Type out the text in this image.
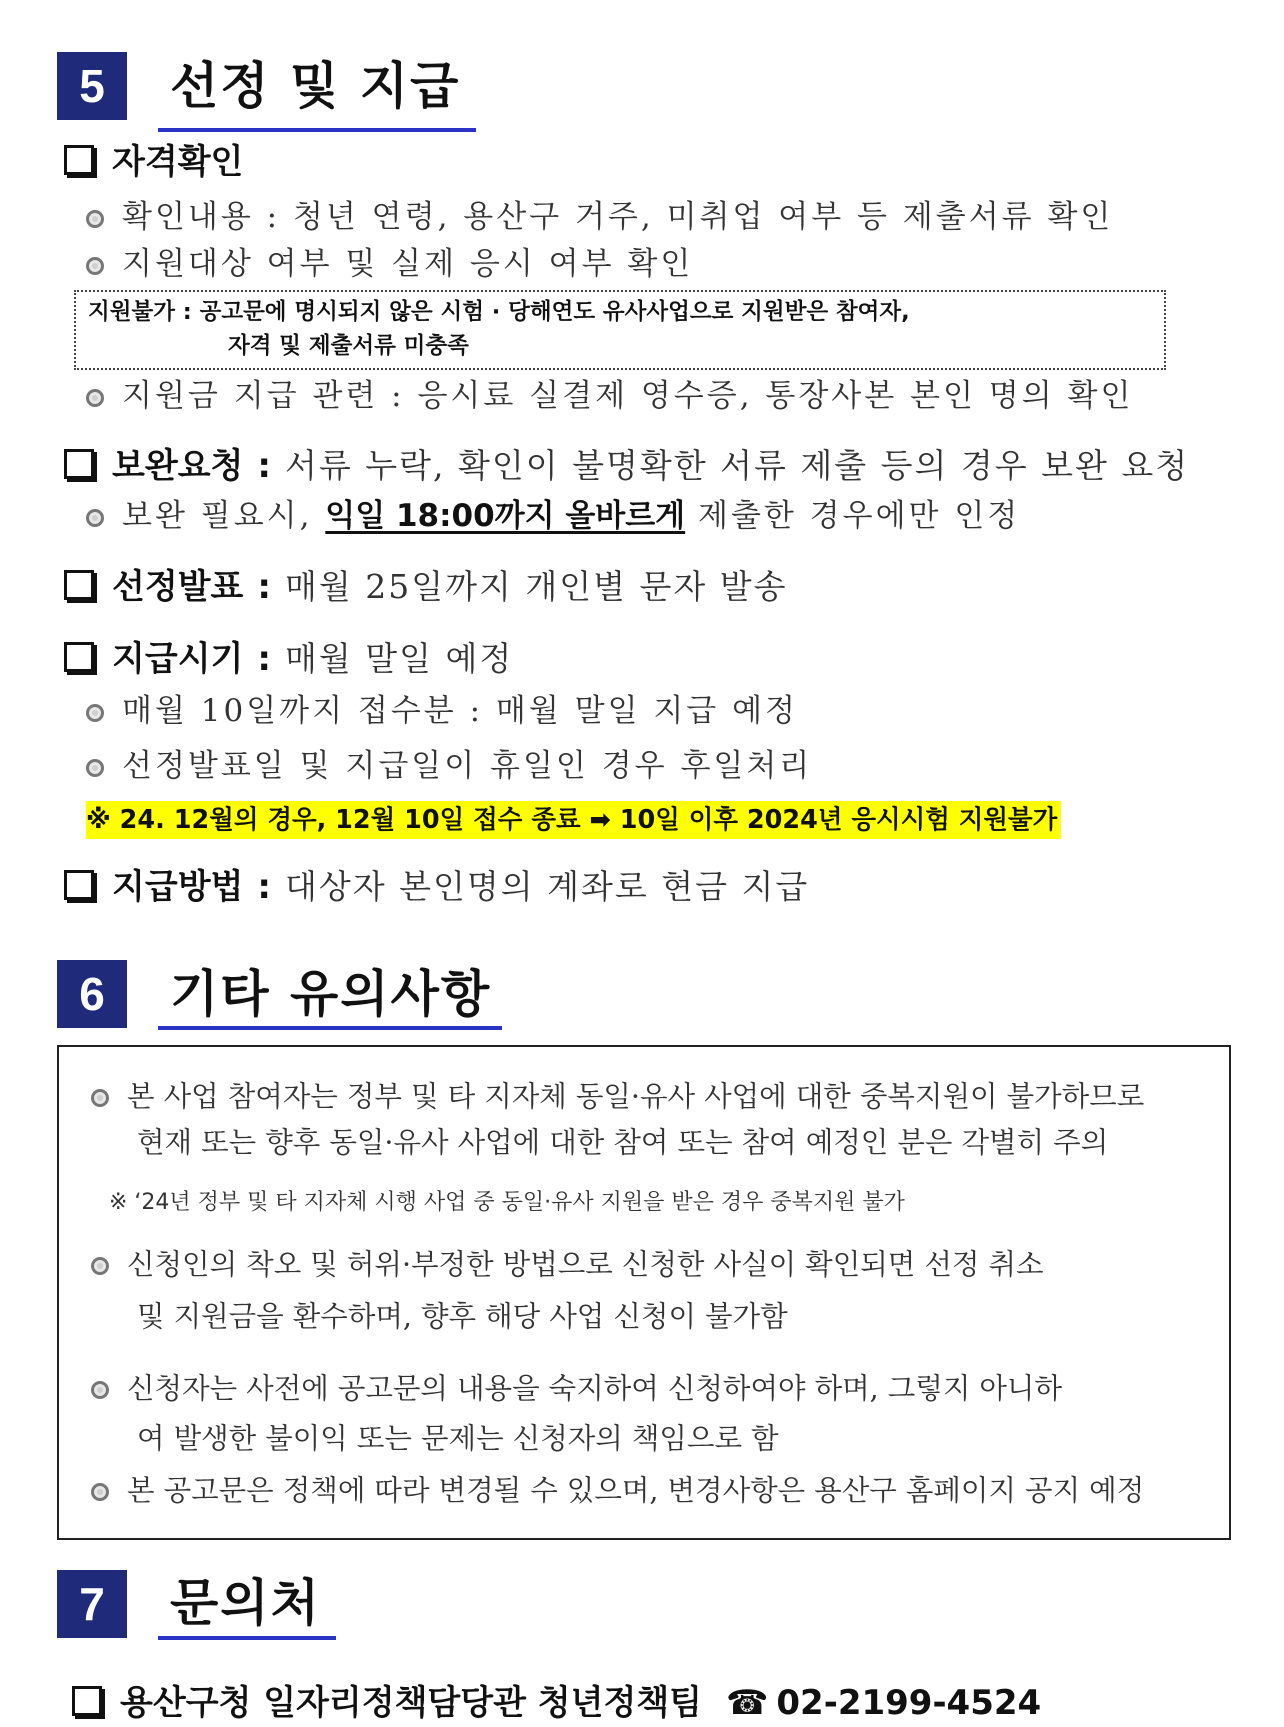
5	선정 및 지급
자격확인
확인내용 : 청년 연령, 용산구 거주, 미취업 여부 등 제출서류 확인
지원대상 여부 및 실제 응시 여부 확인
지원불가 : 공고문에 명시되지 않은 시험 · 당해연도 유사사업으로 지원받은 참여자,
자격 및 제출서류 미충족
지원금 지급 관련 : 응시료 실결제 영수증, 통장사본 본인 명의 확인
보완요청 : 서류 누락, 확인이 불명확한 서류 제출 등의 경우 보완 요청
보완 필요시, 익일 18:00까지 올바르게 제출한 경우에만 인정
선정발표 : 매월 25일까지 개인별 문자 발송
지급시기 : 매월 말일 예정
매월 10일까지 접수분 : 매월 말일 지급 예정
선정발표일 및 지급일이 휴일인 경우 후일처리
※ 24. 12월의 경우, 12월 10일 접수 종료 ➡ 10일 이후 2024년 응시시험 지원불가
지급방법 : 대상자 본인명의 계좌로 현금 지급
6	기타 유의사항
본 사업 참여자는 정부 및 타 지자체 동일·유사 사업에 대한 중복지원이 불가하므로
현재 또는 향후 동일·유사 사업에 대한 참여 또는 참여 예정인 분은 각별히 주의
※ ‘24년 정부 및 타 지자체 시행 사업 중 동일·유사 지원을 받은 경우 중복지원 불가
신청인의 착오 및 허위·부정한 방법으로 신청한 사실이 확인되면 선정 취소
및 지원금을 환수하며, 향후 해당 사업 신청이 불가함
신청자는 사전에 공고문의 내용을 숙지하여 신청하여야 하며, 그렇지 아니하
여 발생한 불이익 또는 문제는 신청자의 책임으로 함
본 공고문은 정책에 따라 변경될 수 있으며, 변경사항은 용산구 홈페이지 공지 예정
7	문의처
용산구청 일자리정책담당관 청년정책팀 ☎ 02-2199-4524
